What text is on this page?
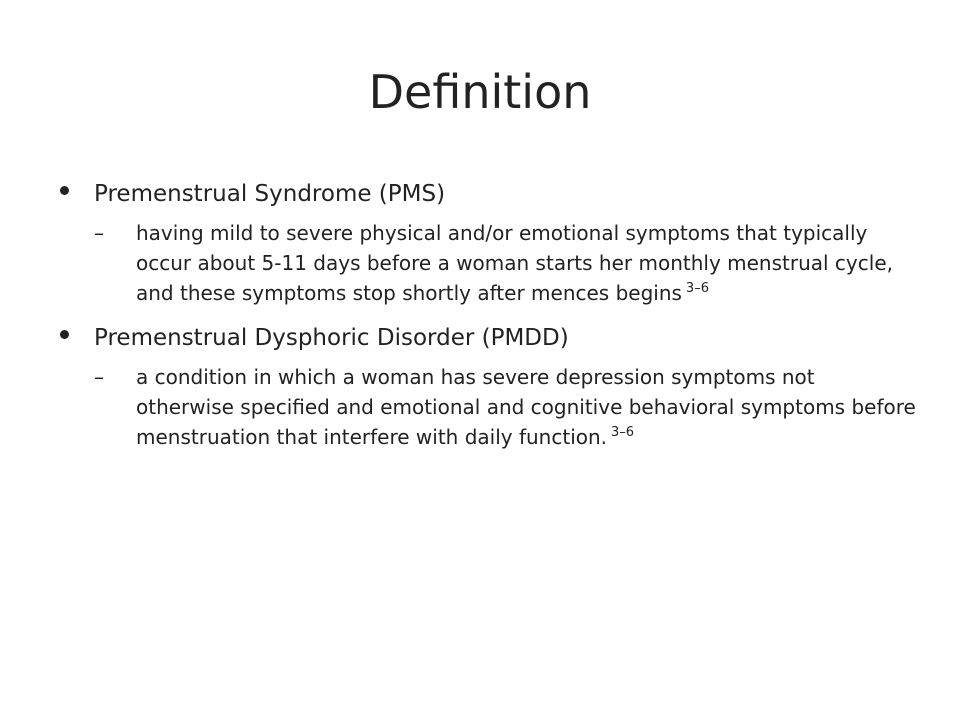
Definition
Premenstrual Syndrome (PMS)
– having mild to severe physical and/or emotional symptoms that typically occur about 5-11 days before a woman starts her monthly menstrual cycle, and these symptoms stop shortly after mences begins $^{3-6}$
Premenstrual Dysphoric Disorder (PMDD)
– a condition in which a woman has severe depression symptoms not otherwise specified and emotional and cognitive behavioral symptoms before menstruation that interfere with daily function. $^{3-6}$
